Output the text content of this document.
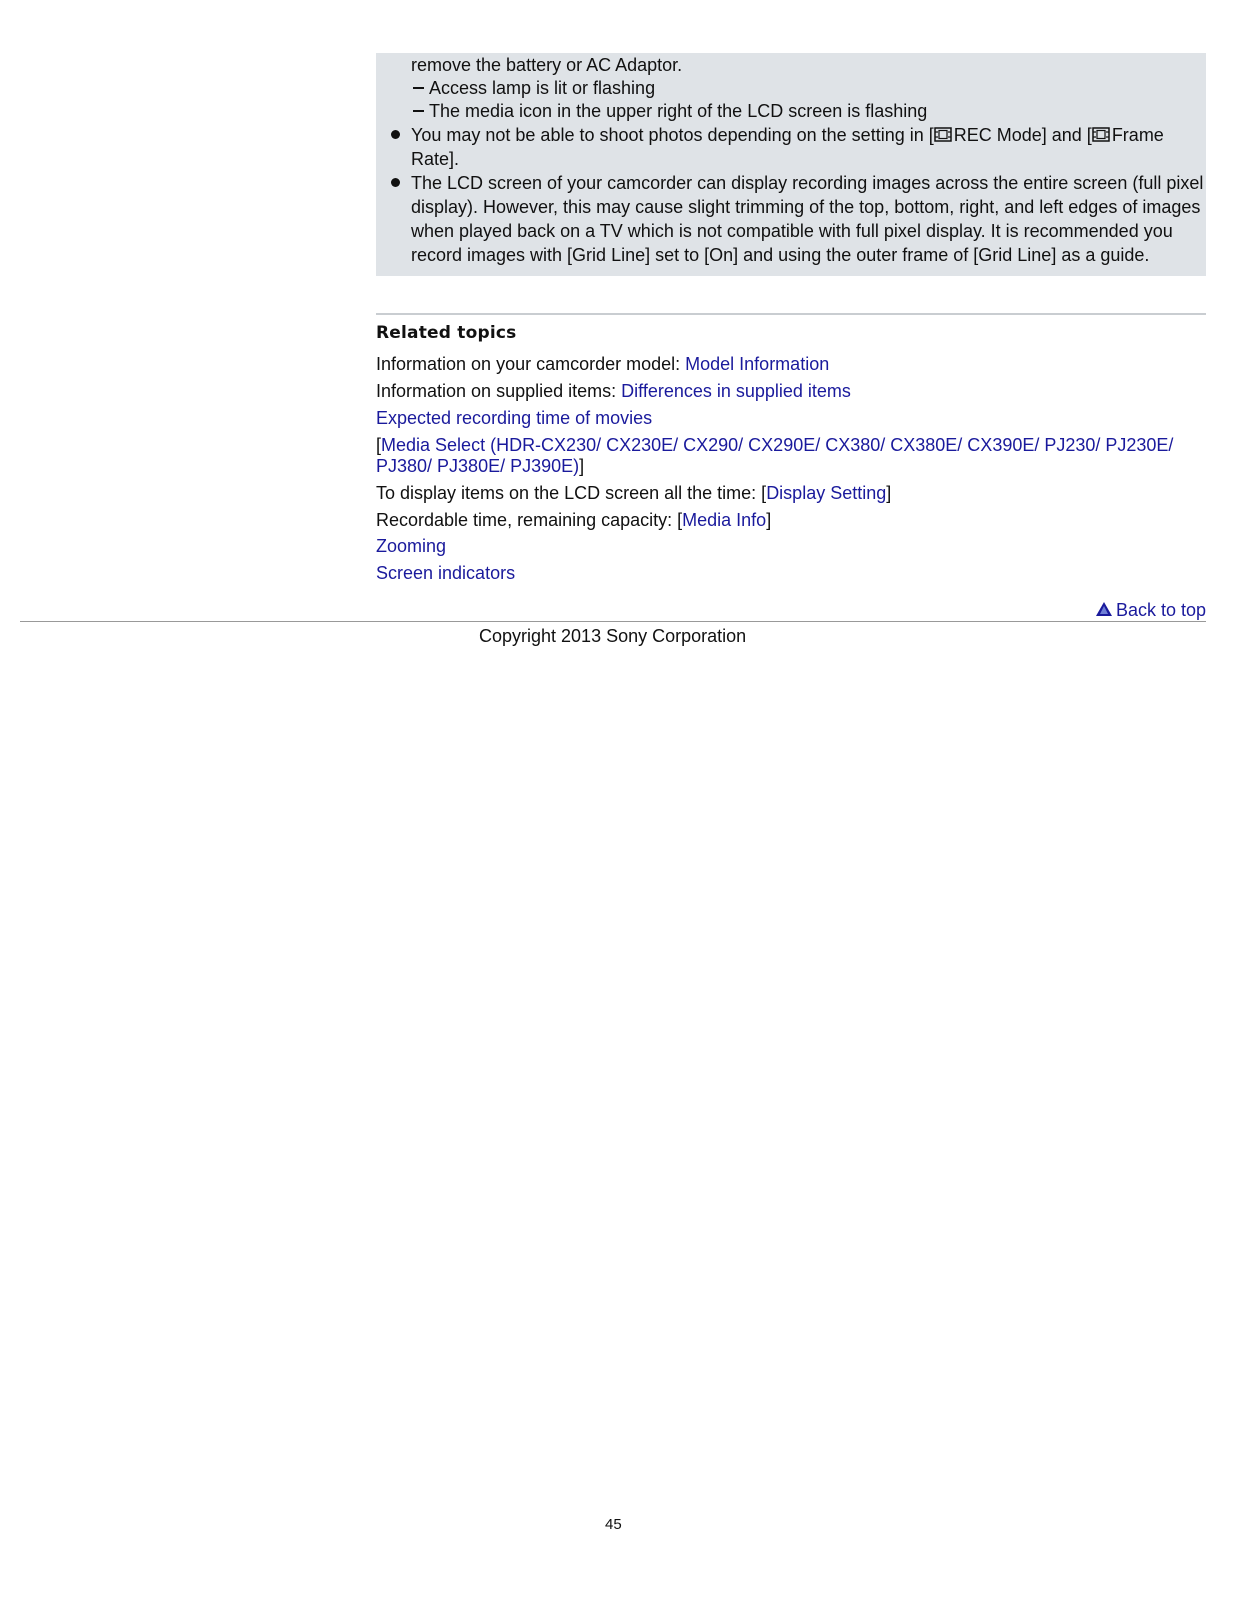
remove the battery or AC Adaptor.
Access lamp is lit or flashing
The media icon in the upper right of the LCD screen is flashing
You may not be able to shoot photos depending on the setting in [ REC Mode] and [ Frame
Rate].
The LCD screen of your camcorder can display recording images across the entire screen (full pixel
display). However, this may cause slight trimming of the top, bottom, right, and left edges of images
when played back on a TV which is not compatible with full pixel display. It is recommended you
record images with [Grid Line] set to [On] and using the outer frame of [Grid Line] as a guide.
Related topics
Information on your camcorder model: Model Information
Information on supplied items: Differences in supplied items
Expected recording time of movies
[Media Select (HDR-CX230/ CX230E/ CX290/ CX290E/ CX380/ CX380E/ CX390E/ PJ230/ PJ230E/
PJ380/ PJ380E/ PJ390E)]
To display items on the LCD screen all the time: [Display Setting]
Recordable time, remaining capacity: [Media Info]
Zooming
Screen indicators
Back to top
Copyright 2013 Sony Corporation
45
